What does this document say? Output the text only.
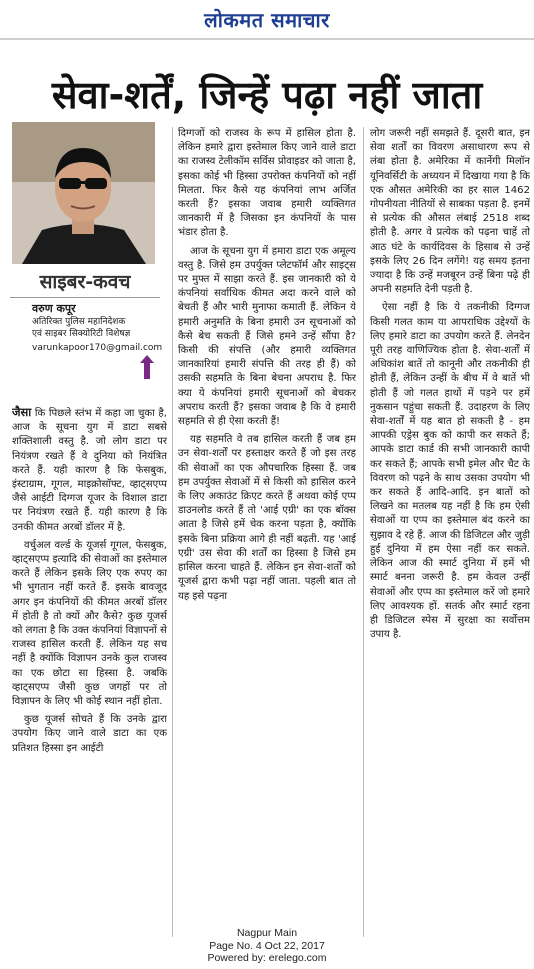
लोकमत समाचार
सेवा-शर्तें, जिन्हें पढ़ा नहीं जाता
साइबर-कवच
वरुण कपूर
अतिरिक्त पुलिस महानिदेशक
एवं साइबर सिक्योरिटी विशेषज्ञ
varunkapoor170@gmail.com

जैसा कि पिछले स्तंभ में कहा जा चुका है, आज के सूचना युग में डाटा सबसे शक्तिशाली वस्तु है. जो लोग डाटा पर नियंत्रण रखते हैं वे दुनिया को नियंत्रित करते हैं. यही कारण है कि फेसबुक, इंस्टाग्राम, गूगल, माइक्रोसॉफ्ट, व्हाट्सएप्प जैसे आईटी दिग्गज यूजर के विशाल डाटा पर नियंत्रण रखते हैं. यही कारण है कि उनकी कीमत अरबों डॉलर में है.

वर्चुअल वर्ल्ड के यूजर्स गूगल, फेसबुक, व्हाट्सएप्प इत्यादि की सेवाओं का इस्तेमाल करते हैं लेकिन इसके लिए एक रुपए का भी भुगतान नहीं करते हैं. इसके बावजूद अगर इन कंपनियों की कीमत अरबों डॉलर में होती है तो क्यों और कैसे? कुछ यूजर्स को लगता है कि उक्त कंपनियां विज्ञापनों से राजस्व हासिल करती हैं. लेकिन यह सच नहीं है क्योंकि विज्ञापन उनके कुल राजस्व का एक छोटा सा हिस्सा है. जबकि व्हाट्सएप्प जैसी कुछ जगहों पर तो विज्ञापन के लिए भी कोई स्थान नहीं होता.

कुछ यूजर्स सोचते हैं कि उनके द्वारा उपयोग किए जाने वाले डाटा का एक प्रतिशत हिस्सा इन आईटी

दिग्गजों को राजस्व के रूप में हासिल होता है. लेकिन हमारे द्वारा इस्तेमाल किए जाने वाले डाटा का राजस्व टेलीकॉम सर्विस प्रोवाइडर को जाता है, इसका कोई भी हिस्सा उपरोक्त कंपनियों को नहीं मिलता. फिर कैसे यह कंपनियां लाभ अर्जित करती हैं? इसका जवाब हमारी व्यक्तिगत जानकारी में है जिसका इन कंपनियों के पास भंडार होता है.

आज के सूचना युग में हमारा डाटा एक अमूल्य वस्तु है. जिसे हम उपर्युक्त प्लेटफॉर्म और साइट्स पर मुफ्त में साझा करते हैं. इस जानकारी को ये कंपनियां सर्वाधिक कीमत अदा करने वाले को बेचती हैं और भारी मुनाफा कमाती हैं. लेकिन ये हमारी अनुमति के बिना हमारी उन सूचनाओं को कैसे बेच सकती हैं जिसे हमने उन्हें सौंपा है? किसी की संपत्ति (और हमारी व्यक्तिगत जानकारियां हमारी संपत्ति की तरह ही हैं) को उसकी सहमति के बिना बेचना अपराध है. फिर क्या ये कंपनियां हमारी सूचनाओं को बेचकर अपराध करती हैं? इसका जवाब है कि वे हमारी सहमति से ही ऐसा करती हैं!

यह सहमति वे तब हासिल करती हैं जब हम उन सेवा-शर्तों पर हस्ताक्षर करते हैं जो इस तरह की सेवाओं का एक औपचारिक हिस्सा हैं. जब हम उपर्युक्त सेवाओं में से किसी को हासिल करने के लिए अकाउंट क्रिएट करते हैं अथवा कोई एप्प डाउनलोड करते हैं तो 'आई एग्री' का एक बॉक्स आता है जिसे हमें चेक करना पड़ता है, क्योंकि इसके बिना प्रक्रिया आगे ही नहीं बढ़ती. यह 'आई एग्री' उस सेवा की शर्तों का हिस्सा है जिसे हम हासिल करना चाहते हैं. लेकिन इन सेवा-शर्तों को यूजर्स द्वारा कभी पढ़ा नहीं जाता. पहली बात तो यह इसे पढ़ना

लोग जरूरी नहीं समझते हैं. दूसरी बात, इन सेवा शर्तों का विवरण असाधारण रूप से लंबा होता है. अमेरिका में कार्नेगी मिलॉन यूनिवर्सिटी के अध्ययन में दिखाया गया है कि एक औसत अमेरिकी का हर साल 1462 गोपनीयता नीतियों से साबका पड़ता है. इनमें से प्रत्येक की औसत लंबाई 2518 शब्द होती है. अगर वे प्रत्येक को पढ़ना चाहें तो आठ घंटे के कार्यदिवस के हिसाब से उन्हें इसके लिए 26 दिन लगेंगे! यह समय इतना ज्यादा है कि उन्हें मजबूरन उन्हें बिना पढ़े ही अपनी सहमति देनी पड़ती है.

ऐसा नहीं है कि ये तकनीकी दिग्गज किसी गलत काम या आपराधिक उद्देश्यों के लिए हमारे डाटा का उपयोग करते हैं. लेनदेन पूरी तरह वाणिज्यिक होता है. सेवा-शर्तों में अधिकांश बातें तो कानूनी और तकनीकी ही होती हैं, लेकिन उन्हीं के बीच में वे बातें भी होती हैं जो गलत हाथों में पड़ने पर हमें नुकसान पहुंचा सकती हैं. उदाहरण के लिए सेवा-शर्तों में यह बात हो सकती है - हम आपकी एड्रेस बुक को कापी कर सकते हैं; आपके डाटा कार्ड की सभी जानकारी कापी कर सकते हैं; आपके सभी इमेल और चैट के विवरण को पढ़ने के साथ उसका उपयोग भी कर सकते हैं आदि-आदि. इन बातों को लिखने का मतलब यह नहीं है कि हम ऐसी सेवाओं या एप्प का इस्तेमाल बंद करने का सुझाव दे रहे हैं. आज की डिजिटल और जुड़ी हुई दुनिया में हम ऐसा नहीं कर सकते. लेकिन आज की स्मार्ट दुनिया में हमें भी स्मार्ट बनना जरूरी है. हम केवल उन्हीं सेवाओं और एप्प का इस्तेमाल करें जो हमारे लिए आवश्यक हों. सतर्क और स्मार्ट रहना ही डिजिटल स्पेस में सुरक्षा का सर्वोत्तम उपाय है.

Nagpur Main
Page No. 4 Oct 22, 2017
Powered by: erelego.com
